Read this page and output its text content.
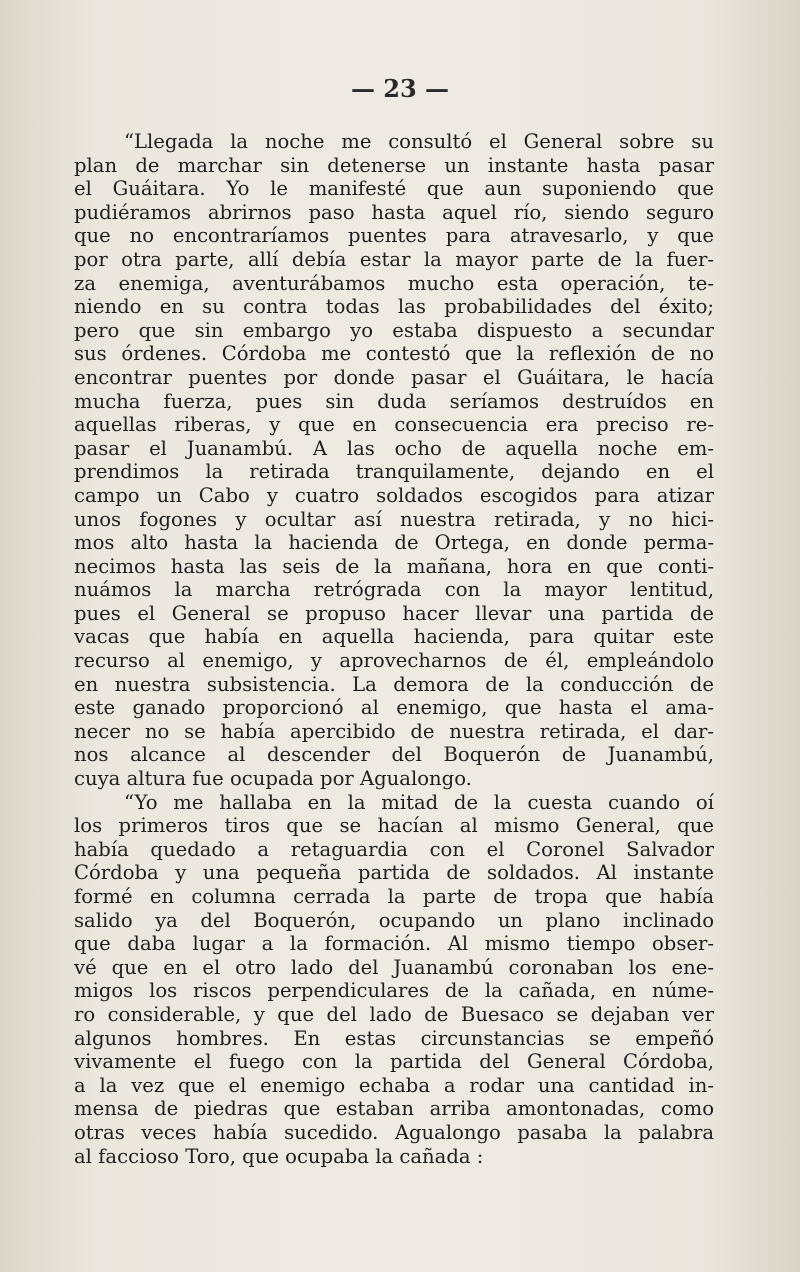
— 23 —
“Llegada la noche me consultó el General sobre su
plan de marchar sin detenerse un instante hasta pasar
el Guáitara. Yo le manifesté que aun suponiendo que
pudiéramos abrirnos paso hasta aquel río, siendo seguro
que no encontraríamos puentes para atravesarlo, y que
por otra parte, allí debía estar la mayor parte de la fuer-
za enemiga, aventurábamos mucho esta operación, te-
niendo en su contra todas las probabilidades del éxito;
pero que sin embargo yo estaba dispuesto a secundar
sus órdenes. Córdoba me contestó que la reflexión de no
encontrar puentes por donde pasar el Guáitara, le hacía
mucha fuerza, pues sin duda seríamos destruídos en
aquellas riberas, y que en consecuencia era preciso re-
pasar el Juanambú. A las ocho de aquella noche em-
prendimos la retirada tranquilamente, dejando en el
campo un Cabo y cuatro soldados escogidos para atizar
unos fogones y ocultar así nuestra retirada, y no hici-
mos alto hasta la hacienda de Ortega, en donde perma-
necimos hasta las seis de la mañana, hora en que conti-
nuámos la marcha retrógrada con la mayor lentitud,
pues el General se propuso hacer llevar una partida de
vacas que había en aquella hacienda, para quitar este
recurso al enemigo, y aprovecharnos de él, empleándolo
en nuestra subsistencia. La demora de la conducción de
este ganado proporcionó al enemigo, que hasta el ama-
necer no se había apercibido de nuestra retirada, el dar-
nos alcance al descender del Boquerón de Juanambú,
cuya altura fue ocupada por Agualongo.
“Yo me hallaba en la mitad de la cuesta cuando oí
los primeros tiros que se hacían al mismo General, que
había quedado a retaguardia con el Coronel Salvador
Córdoba y una pequeña partida de soldados. Al instante
formé en columna cerrada la parte de tropa que había
salido ya del Boquerón, ocupando un plano inclinado
que daba lugar a la formación. Al mismo tiempo obser-
vé que en el otro lado del Juanambú coronaban los ene-
migos los riscos perpendiculares de la cañada, en núme-
ro considerable, y que del lado de Buesaco se dejaban ver
algunos hombres. En estas circunstancias se empeñó
vivamente el fuego con la partida del General Córdoba,
a la vez que el enemigo echaba a rodar una cantidad in-
mensa de piedras que estaban arriba amontonadas, como
otras veces había sucedido. Agualongo pasaba la palabra
al faccioso Toro, que ocupaba la cañada :
